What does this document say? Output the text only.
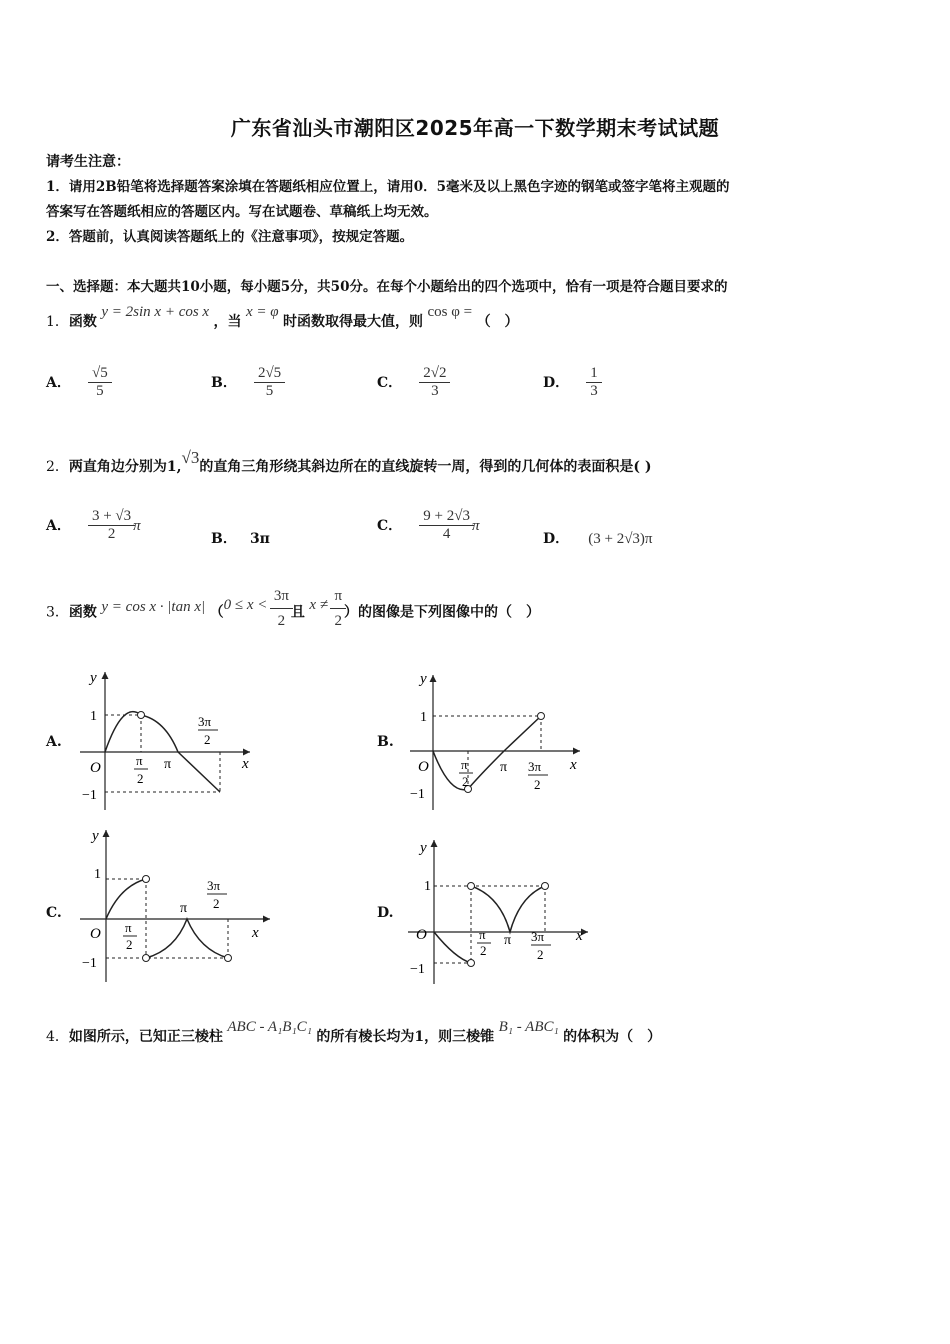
广东省汕头市潮阳区2025年高一下数学期末考试试题
请考生注意：
1．请用2B铅笔将选择题答案涂填在答题纸相应位置上，请用0．5毫米及以上黑色字迹的钢笔或签字笔将主观题的
答案写在答题纸相应的答题区内。写在试题卷、草稿纸上均无效。
2．答题前，认真阅读答题纸上的《注意事项》，按规定答题。
一、选择题：本大题共10小题，每小题5分，共50分。在每个小题给出的四个选项中，恰有一项是符合题目要求的
1．函数 y = 2sin x + cos x ，当 x = φ 时函数取得最大值，则 cos φ = （　）
A． $\frac{√5}{5}$	B． $\frac{2√5}{5}$	C． $\frac{2√2}{3}$	D． $\frac{1}{3}$
2．两直角边分别为1,√3的直角三角形绕其斜边所在的直线旋转一周，得到的几何体的表面积是( )
A． $\frac{3 + √3}{2}$ π
B． 3π
C． $\frac{9 + 2√3}{4}$ π
D． (3 + 2√3)π
3．函数 y = cos x · |tan x| （$0 \le x < \frac{3\pi}{2}$ 且 $x \ne \frac{\pi}{2}$ ）的图像是下列图像中的（　）
A.	B.
C.	D.
y
x
O
1
−1
π
2
π
3π
2
y
x
O
1
−1
π
2
π 3π
2
y
x
O
1
−1
π
2
π
3π
2
y
x
O
1
−1
π
2
π 3π
2
4．如图所示，已知正三棱柱 ABC - A₁B₁C₁ 的所有棱长均为1，则三棱锥 B₁ - ABC₁ 的体积为（　）
